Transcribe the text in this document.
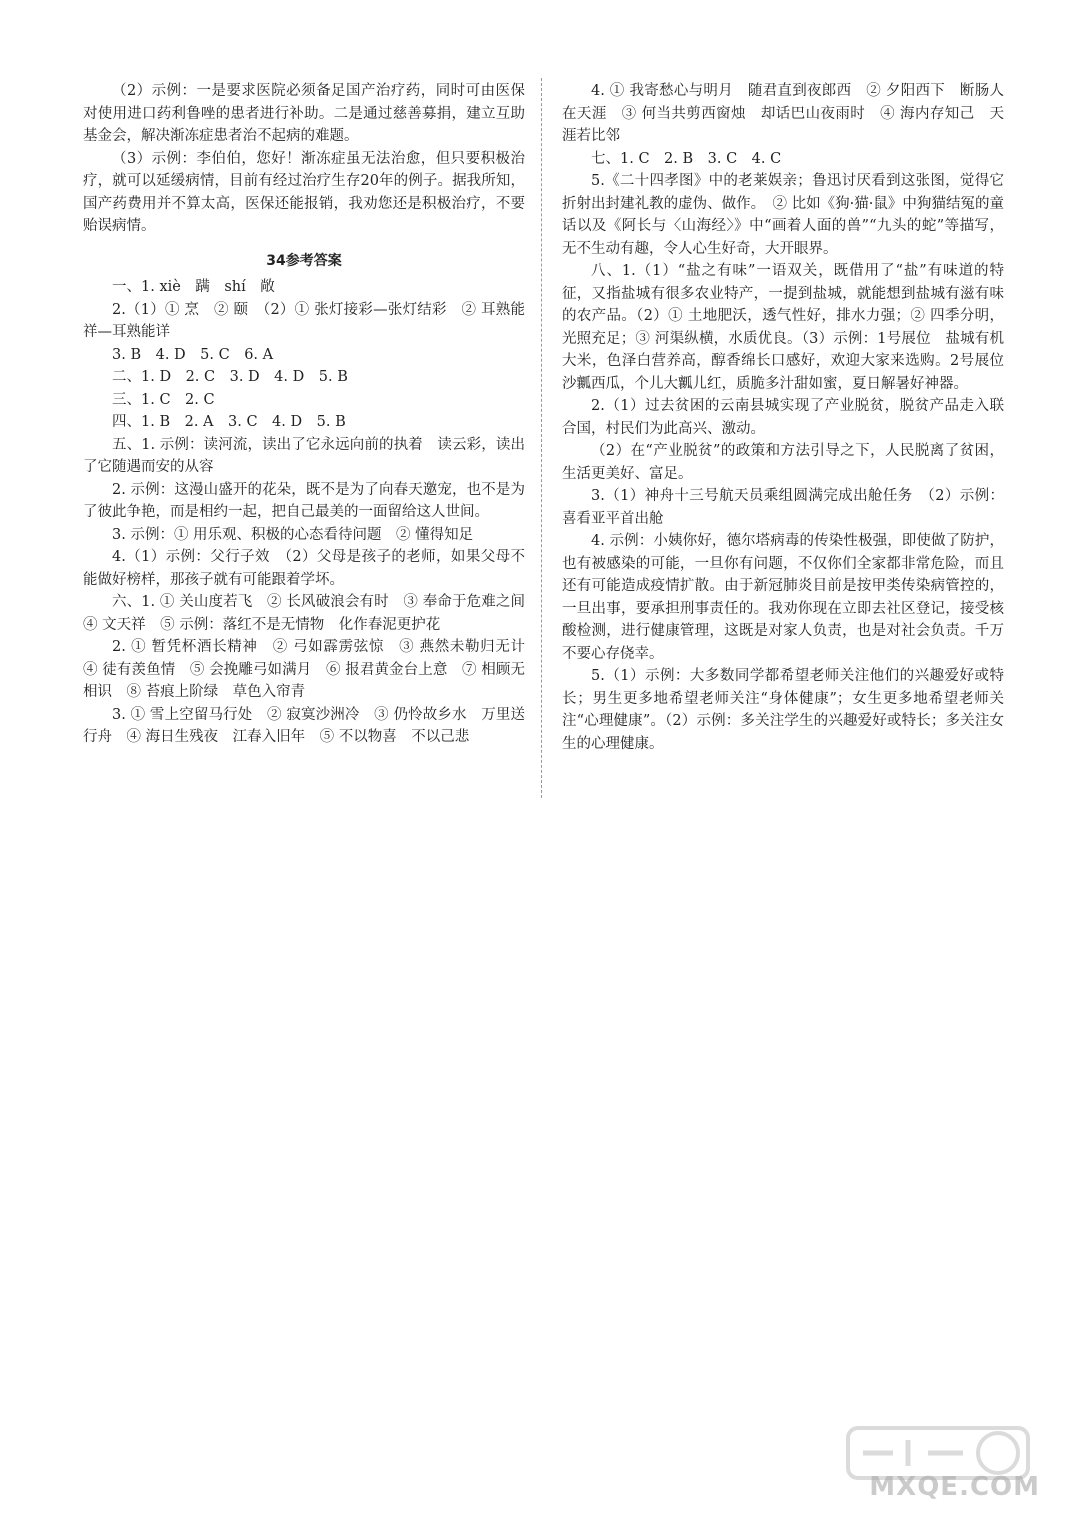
（2）示例：一是要求医院必须备足国产治疗药，同时可由医保对使用进口药利鲁唑的患者进行补助。二是通过慈善募捐，建立互助基金会，解决渐冻症患者治不起病的难题。

（3）示例：李伯伯，您好！渐冻症虽无法治愈，但只要积极治疗，就可以延缓病情，目前有经过治疗生存20年的例子。据我所知，国产药费用并不算太高，医保还能报销，我劝您还是积极治疗，不要贻误病情。

34参考答案

一、1. xiè　蹒　shí　敞

2.（1）① 烹　② 颐　（2）① 张灯接彩—张灯结彩　② 耳熟能祥—耳熟能详

3. B　4. D　5. C　6. A

二、1. D　2. C　3. D　4. D　5. B

三、1. C　2. C

四、1. B　2. A　3. C　4. D　5. B

五、1. 示例：读河流，读出了它永远向前的执着　读云彩，读出了它随遇而安的从容

2. 示例：这漫山盛开的花朵，既不是为了向春天邀宠，也不是为了彼此争艳，而是相约一起，把自己最美的一面留给这人世间。

3. 示例：① 用乐观、积极的心态看待问题　② 懂得知足

4.（1）示例：父行子效　（2）父母是孩子的老师，如果父母不能做好榜样，那孩子就有可能跟着学坏。

六、1. ① 关山度若飞　② 长风破浪会有时　③ 奉命于危难之间　④ 文天祥　⑤ 示例：落红不是无情物　化作春泥更护花

2. ① 暂凭杯酒长精神　② 弓如霹雳弦惊　③ 燕然未勒归无计　④ 徒有羡鱼情　⑤ 会挽雕弓如满月　⑥ 报君黄金台上意　⑦ 相顾无相识　⑧ 苔痕上阶绿　草色入帘青

3. ① 雪上空留马行处　② 寂寞沙洲冷　③ 仍怜故乡水　万里送行舟　④ 海日生残夜　江春入旧年　⑤ 不以物喜　不以己悲

4. ① 我寄愁心与明月　随君直到夜郎西　② 夕阳西下　断肠人在天涯　③ 何当共剪西窗烛　却话巴山夜雨时　④ 海内存知己　天涯若比邻

七、1. C　2. B　3. C　4. C

5.《二十四孝图》中的老莱娱亲；鲁迅讨厌看到这张图，觉得它折射出封建礼教的虚伪、做作。　② 比如《狗·猫·鼠》中狗猫结冤的童话以及《阿长与〈山海经〉》中“画着人面的兽”“九头的蛇”等描写，无不生动有趣，令人心生好奇，大开眼界。

八、1.（1）“盐之有味”一语双关，既借用了“盐”有味道的特征，又指盐城有很多农业特产，一提到盐城，就能想到盐城有滋有味的农产品。（2）① 土地肥沃，透气性好，排水力强；② 四季分明，光照充足；③ 河渠纵横，水质优良。（3）示例：1号展位　盐城有机大米，色泽白营养高，醇香绵长口感好，欢迎大家来选购。2号展位 沙瓤西瓜，个儿大瓤儿红，质脆多汁甜如蜜，夏日解暑好神器。

2.（1）过去贫困的云南县城实现了产业脱贫，脱贫产品走入联合国，村民们为此高兴、激动。

（2）在“产业脱贫”的政策和方法引导之下，人民脱离了贫困，生活更美好、富足。

3.（1）神舟十三号航天员乘组圆满完成出舱任务　（2）示例：喜看亚平首出舱

4. 示例：小姨你好，德尔塔病毒的传染性极强，即使做了防护，也有被感染的可能，一旦你有问题，不仅你们全家都非常危险，而且还有可能造成疫情扩散。由于新冠肺炎目前是按甲类传染病管控的，一旦出事，要承担刑事责任的。我劝你现在立即去社区登记，接受核酸检测，进行健康管理，这既是对家人负责，也是对社会负责。千万不要心存侥幸。

5.（1）示例：大多数同学都希望老师关注他们的兴趣爱好或特长；男生更多地希望老师关注“身体健康”；女生更多地希望老师关注“心理健康”。（2）示例：多关注学生的兴趣爱好或特长；多关注女生的心理健康。

MXQE.COM
